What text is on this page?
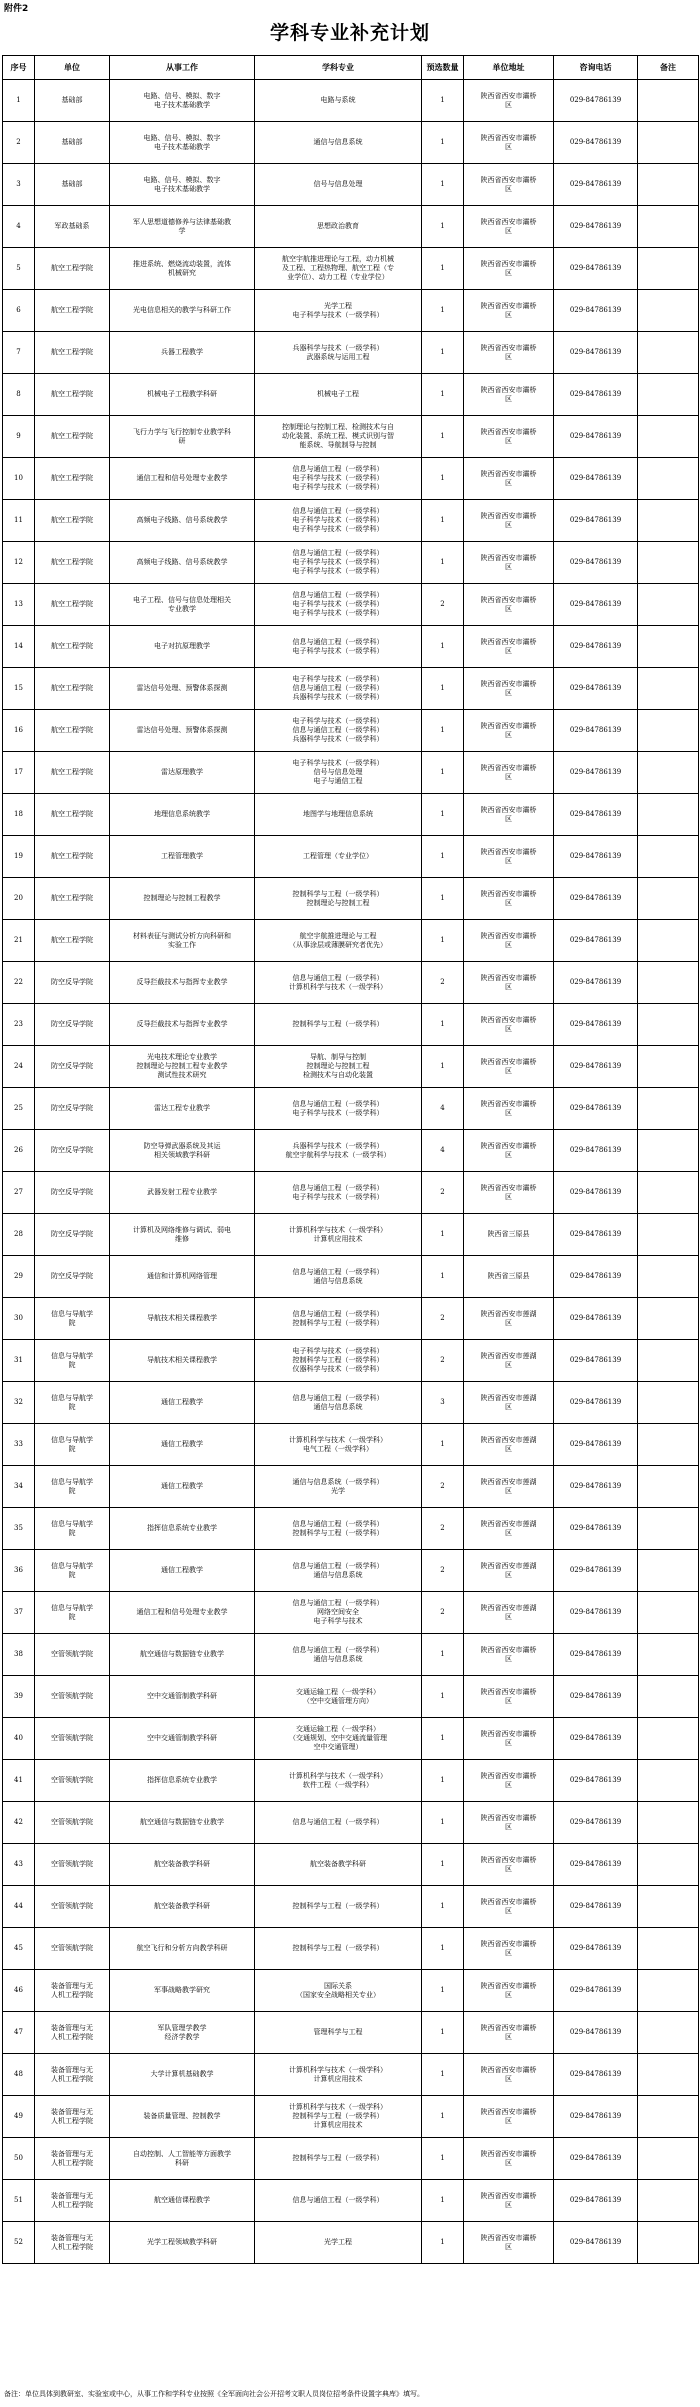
附件2
学科专业补充计划
序号	单位	从事工作	学科专业	预选数量	单位地址	咨询电话	备注
1	基础部	电路、信号、模拟、数字
电子技术基础教学	电路与系统	1	陕西省西安市灞桥
区	029-84786139	
2	基础部	电路、信号、模拟、数字
电子技术基础教学	通信与信息系统	1	陕西省西安市灞桥
区	029-84786139	
3	基础部	电路、信号、模拟、数字
电子技术基础教学	信号与信息处理	1	陕西省西安市灞桥
区	029-84786139	
4	军政基础系	军人思想道德修养与法律基础教
学	思想政治教育	1	陕西省西安市灞桥
区	029-84786139	
5	航空工程学院	推进系统、燃烧流动装置，流体
机械研究	航空宇航推进理论与工程，动力机械
及工程、工程热物理、航空工程（专
业学位）、动力工程（专业学位）	1	陕西省西安市灞桥
区	029-84786139	
6	航空工程学院	光电信息相关的教学与科研工作	光学工程
电子科学与技术（一级学科）	1	陕西省西安市灞桥
区	029-84786139	
7	航空工程学院	兵器工程教学	兵器科学与技术（一级学科）
武器系统与运用工程	1	陕西省西安市灞桥
区	029-84786139	
8	航空工程学院	机械电子工程教学科研	机械电子工程	1	陕西省西安市灞桥
区	029-84786139	
9	航空工程学院	飞行力学与飞行控制专业教学科
研	控制理论与控制工程、检测技术与自
动化装置、系统工程、模式识别与智
能系统、导航制导与控制	1	陕西省西安市灞桥
区	029-84786139	
10	航空工程学院	通信工程和信号处理专业教学	信息与通信工程（一级学科）
电子科学与技术（一级学科）
电子科学与技术（一级学科）	1	陕西省西安市灞桥
区	029-84786139	
11	航空工程学院	高频电子线路、信号系统教学	信息与通信工程（一级学科）
电子科学与技术（一级学科）
电子科学与技术（一级学科）	1	陕西省西安市灞桥
区	029-84786139	
12	航空工程学院	高频电子线路、信号系统教学	信息与通信工程（一级学科）
电子科学与技术（一级学科）
电子科学与技术（一级学科）	1	陕西省西安市灞桥
区	029-84786139	
13	航空工程学院	电子工程、信号与信息处理相关
专业教学	信息与通信工程（一级学科）
电子科学与技术（一级学科）
电子科学与技术（一级学科）	2	陕西省西安市灞桥
区	029-84786139	
14	航空工程学院	电子对抗原理教学	信息与通信工程（一级学科）
电子科学与技术（一级学科）	1	陕西省西安市灞桥
区	029-84786139	
15	航空工程学院	雷达信号处理、预警体系探测	电子科学与技术（一级学科）
信息与通信工程（一级学科）
兵器科学与技术（一级学科）	1	陕西省西安市灞桥
区	029-84786139	
16	航空工程学院	雷达信号处理、预警体系探测	电子科学与技术（一级学科）
信息与通信工程（一级学科）
兵器科学与技术（一级学科）	1	陕西省西安市灞桥
区	029-84786139	
17	航空工程学院	雷达原理教学	电子科学与技术（一级学科）
信号与信息处理
电子与通信工程	1	陕西省西安市灞桥
区	029-84786139	
18	航空工程学院	地理信息系统教学	地图学与地理信息系统	1	陕西省西安市灞桥
区	029-84786139	
19	航空工程学院	工程管理教学	工程管理（专业学位）	1	陕西省西安市灞桥
区	029-84786139	
20	航空工程学院	控制理论与控制工程教学	控制科学与工程（一级学科）
控制理论与控制工程	1	陕西省西安市灞桥
区	029-84786139	
21	航空工程学院	材料表征与测试分析方向科研和
实验工作	航空宇航推进理论与工程
（从事涂层或薄膜研究者优先）	1	陕西省西安市灞桥
区	029-84786139	
22	防空反导学院	反导拦截技术与指挥专业教学	信息与通信工程（一级学科）
计算机科学与技术（一级学科）	2	陕西省西安市灞桥
区	029-84786139	
23	防空反导学院	反导拦截技术与指挥专业教学	控制科学与工程（一级学科）	1	陕西省西安市灞桥
区	029-84786139	
24	防空反导学院	光电技术理论专业教学
控制理论与控制工程专业教学
测试性技术研究	导航、制导与控制
控制理论与控制工程
检测技术与自动化装置	1	陕西省西安市灞桥
区	029-84786139	
25	防空反导学院	雷达工程专业教学	信息与通信工程（一级学科）
电子科学与技术（一级学科）	4	陕西省西安市灞桥
区	029-84786139	
26	防空反导学院	防空导弹武器系统及其运
相关领域教学科研	兵器科学与技术（一级学科）
航空宇航科学与技术（一级学科）	4	陕西省西安市灞桥
区	029-84786139	
27	防空反导学院	武器发射工程专业教学	信息与通信工程（一级学科）
电子科学与技术（一级学科）	2	陕西省西安市灞桥
区	029-84786139	
28	防空反导学院	计算机及网络维修与调试、弱电
维修	计算机科学与技术（一级学科）
计算机应用技术	1	陕西省三原县	029-84786139	
29	防空反导学院	通信和计算机网络管理	信息与通信工程（一级学科）
通信与信息系统	1	陕西省三原县	029-84786139	
30	信息与导航学
院	导航技术相关课程教学	信息与通信工程（一级学科）
控制科学与工程（一级学科）	2	陕西省西安市莲湖
区	029-84786139	
31	信息与导航学
院	导航技术相关课程教学	电子科学与技术（一级学科）
控制科学与工程（一级学科）
仪器科学与技术（一级学科）	2	陕西省西安市莲湖
区	029-84786139	
32	信息与导航学
院	通信工程教学	信息与通信工程（一级学科）
通信与信息系统	3	陕西省西安市莲湖
区	029-84786139	
33	信息与导航学
院	通信工程教学	计算机科学与技术（一级学科）
电气工程（一级学科）	1	陕西省西安市莲湖
区	029-84786139	
34	信息与导航学
院	通信工程教学	通信与信息系统（一级学科）
光学	2	陕西省西安市莲湖
区	029-84786139	
35	信息与导航学
院	指挥信息系统专业教学	信息与通信工程（一级学科）
控制科学与工程（一级学科）	2	陕西省西安市莲湖
区	029-84786139	
36	信息与导航学
院	通信工程教学	信息与通信工程（一级学科）
通信与信息系统	2	陕西省西安市莲湖
区	029-84786139	
37	信息与导航学
院	通信工程和信号处理专业教学	信息与通信工程（一级学科）
网络空间安全
电子科学与技术	2	陕西省西安市莲湖
区	029-84786139	
38	空管领航学院	航空通信与数据链专业教学	信息与通信工程（一级学科）
通信与信息系统	1	陕西省西安市灞桥
区	029-84786139	
39	空管领航学院	空中交通管制教学科研	交通运输工程（一级学科）
（空中交通管理方向）	1	陕西省西安市灞桥
区	029-84786139	
40	空管领航学院	空中交通管制教学科研	交通运输工程（一级学科）
（交通规划、空中交通流量管理
空中交通管理）	1	陕西省西安市灞桥
区	029-84786139	
41	空管领航学院	指挥信息系统专业教学	计算机科学与技术（一级学科）
软件工程（一级学科）	1	陕西省西安市灞桥
区	029-84786139	
42	空管领航学院	航空通信与数据链专业教学	信息与通信工程（一级学科）	1	陕西省西安市灞桥
区	029-84786139	
43	空管领航学院	航空装备教学科研	航空装备教学科研	1	陕西省西安市灞桥
区	029-84786139	
44	空管领航学院	航空装备教学科研	控制科学与工程（一级学科）	1	陕西省西安市灞桥
区	029-84786139	
45	空管领航学院	航空飞行和分析方向教学科研	控制科学与工程（一级学科）	1	陕西省西安市灞桥
区	029-84786139	
46	装备管理与无
人机工程学院	军事战略教学研究	国际关系
（国家安全战略相关专业）	1	陕西省西安市灞桥
区	029-84786139	
47	装备管理与无
人机工程学院	军队管理学教学
经济学教学	管理科学与工程	1	陕西省西安市灞桥
区	029-84786139	
48	装备管理与无
人机工程学院	大学计算机基础教学	计算机科学与技术（一级学科）
计算机应用技术	1	陕西省西安市灞桥
区	029-84786139	
49	装备管理与无
人机工程学院	装备质量管理、控制教学	计算机科学与技术（一级学科）
控制科学与工程（一级学科）
计算机应用技术	1	陕西省西安市灞桥
区	029-84786139	
50	装备管理与无
人机工程学院	自动控制、人工智能等方面教学
科研	控制科学与工程（一级学科）	1	陕西省西安市灞桥
区	029-84786139	
51	装备管理与无
人机工程学院	航空通信课程教学	信息与通信工程（一级学科）	1	陕西省西安市灞桥
区	029-84786139	
52	装备管理与无
人机工程学院	光学工程领域教学科研	光学工程	1	陕西省西安市灞桥
区	029-84786139	
备注：单位具体到教研室、实验室或中心，从事工作和学科专业按照《全军面向社会公开招考文职人员岗位招考条件设置字典库》填写。
